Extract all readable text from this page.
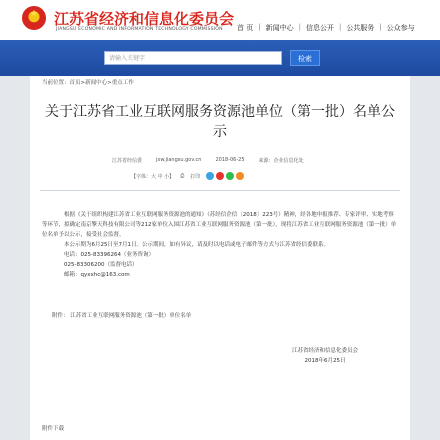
★ 江苏省经济和信息化委员会
JIANGSU ECONOMIC AND INFORMATION TECHNOLOGY COMMISSION	首 页 | 新闻中心 | 信息公开 | 公共服务 | 公众参与
请输入关键字	检索
当前位置：首页>新闻中心>重点工作
关于江苏省工业互联网服务资源池单位（第一批）名单公示
江苏省经信委	jxw.jiangsu.gov.cn	2018-06-25	来源：企业信息化处
【字体：大 中 小】 ⎙ 打印

根据《关于组织构建江苏省工业互联网服务资源池的通知》（苏经信企信〔2018〕223号）精神，经各地申报推荐、专家评审、实地考察等环节，拟确定南京擎天科技有限公司等212家单位入围江苏省工业互联网服务资源池（第一批），现将江苏省工业互联网服务资源池（第一批）单位名单予以公示，接受社会监督。

本公示期为6月25日至7月1日。公示期间，如有异议，请及时以电话或电子邮件等方式与江苏省经信委联系。

电话：025-83396264（业务咨询）

025-83306200（监督电话）

邮箱：qyxxhc@163.com

附件： 江苏省工业互联网服务资源池（第一批）单位名单
江苏省经济和信息化委员会
2018年6月25日
附件下载
